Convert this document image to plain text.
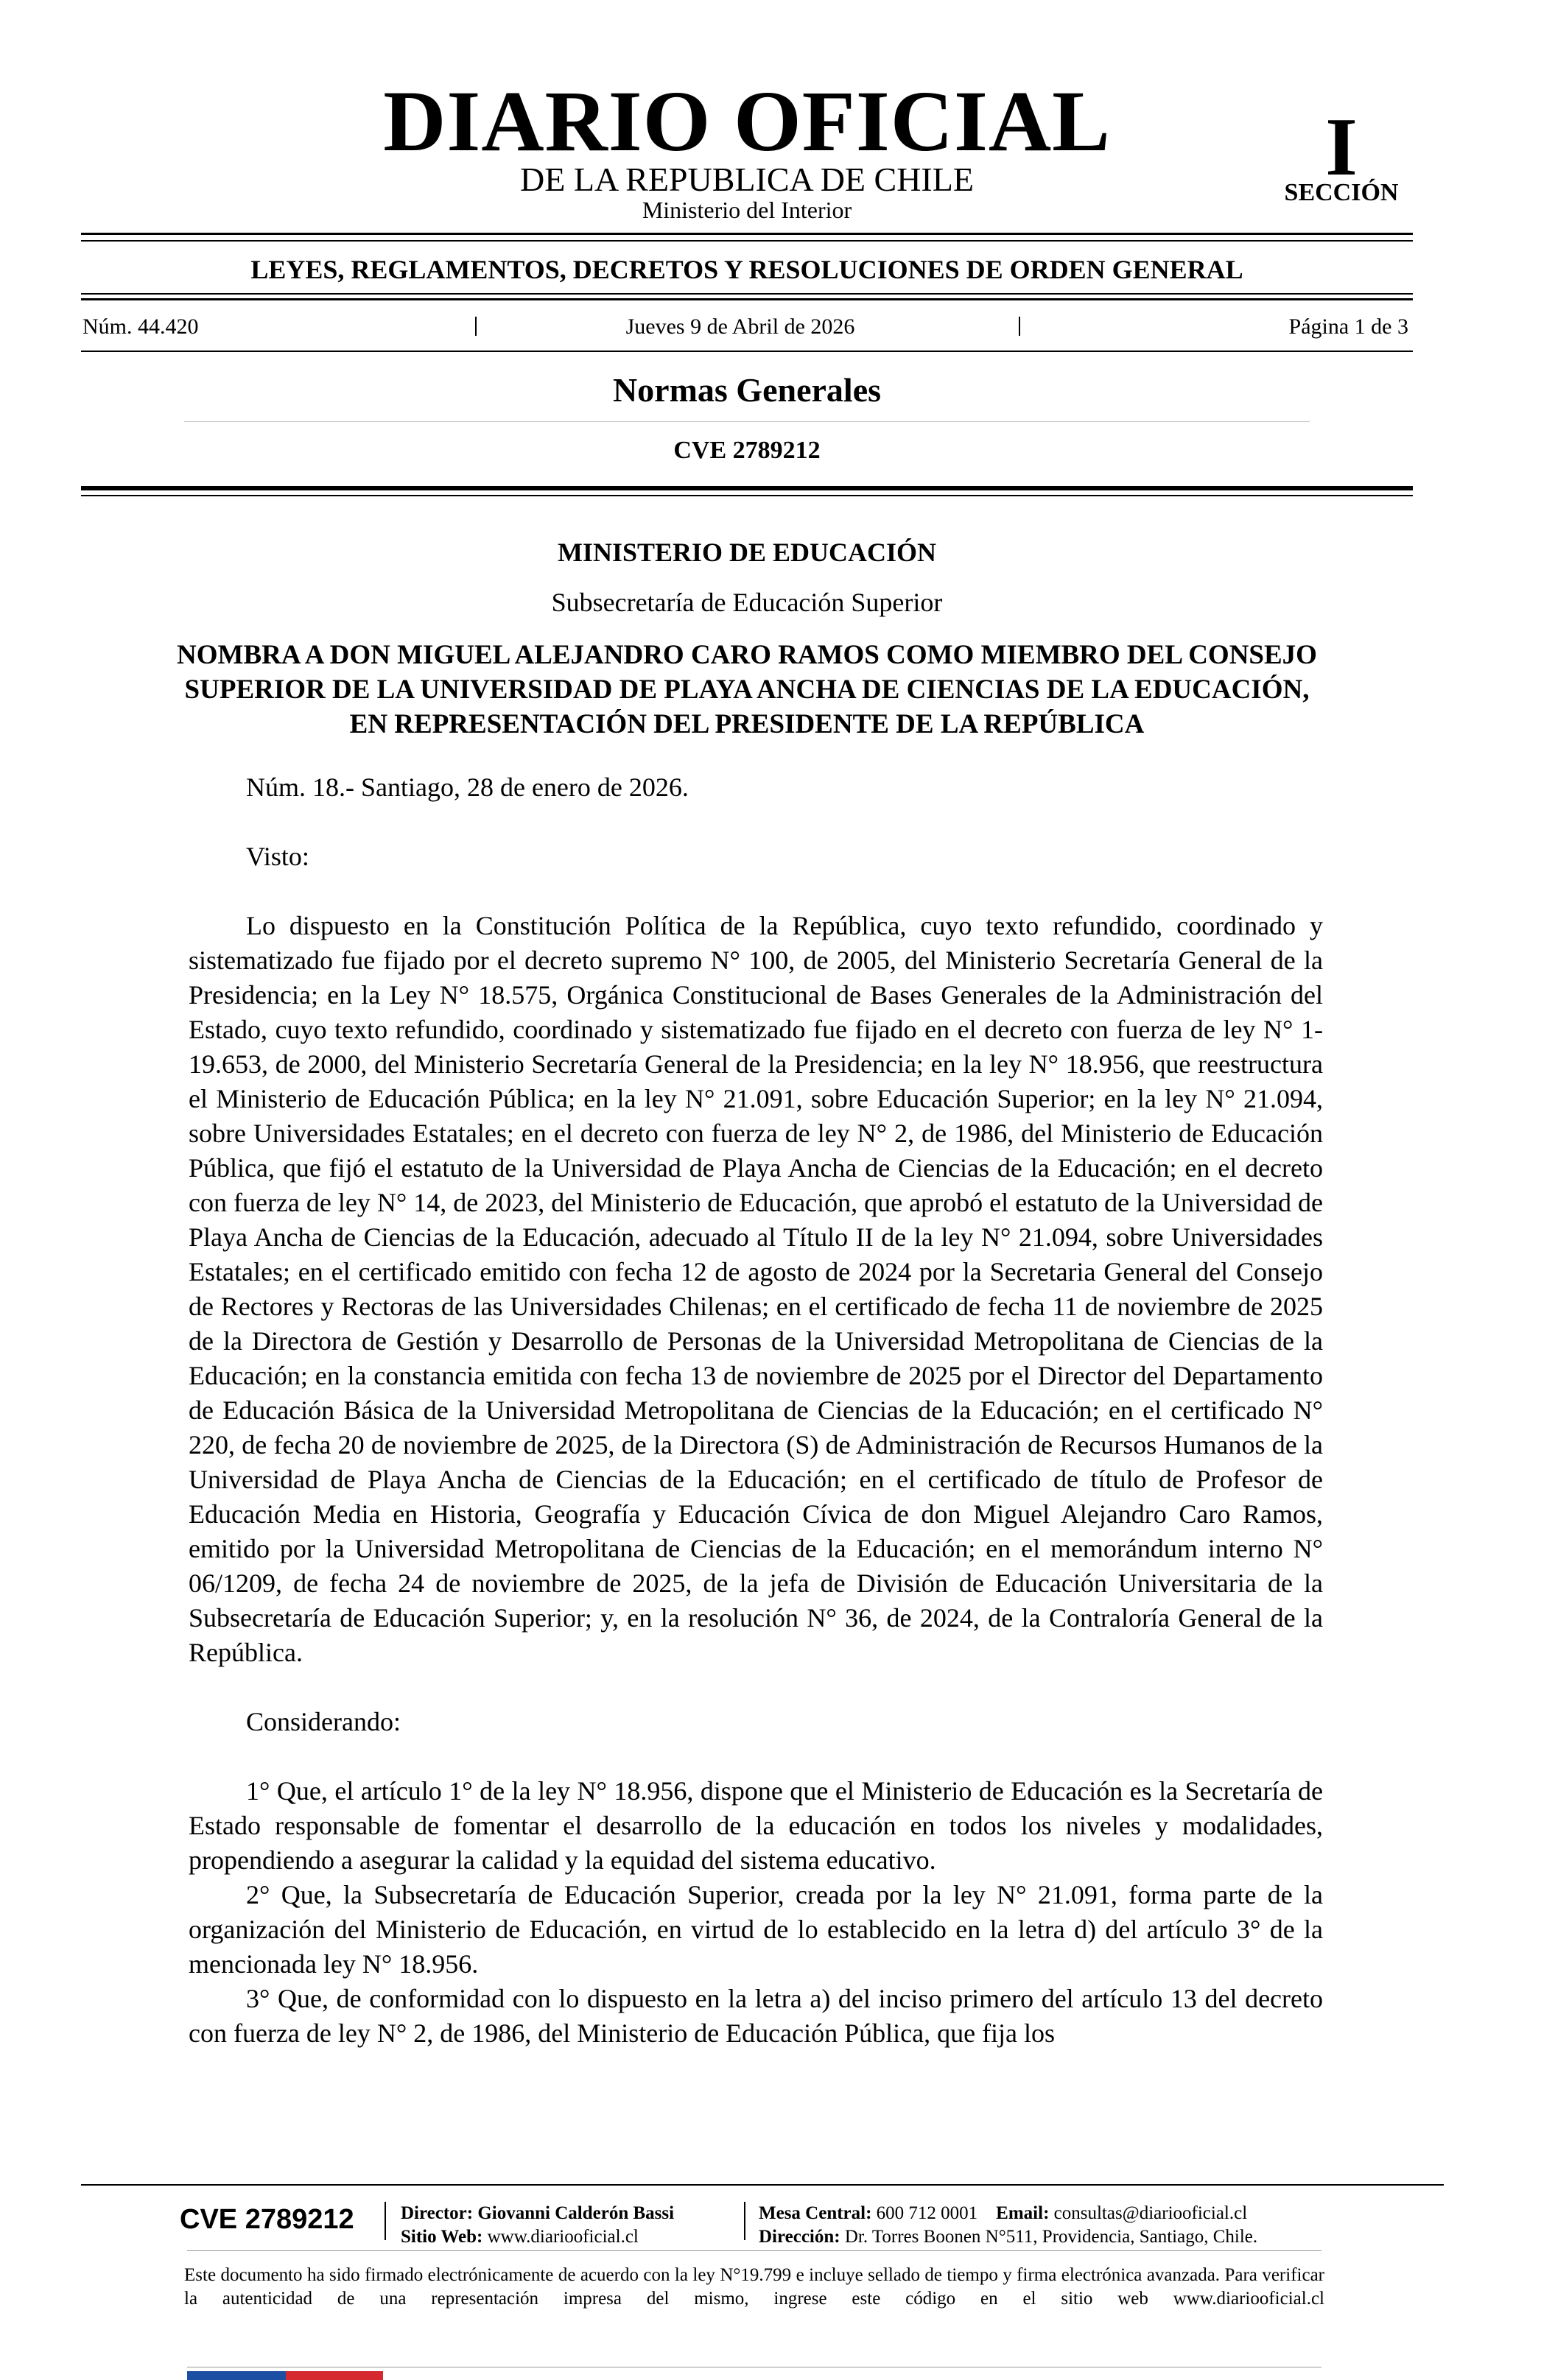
DIARIO OFICIAL
DE LA REPUBLICA DE CHILE
Ministerio del Interior
I
SECCIÓN
LEYES, REGLAMENTOS, DECRETOS Y RESOLUCIONES DE ORDEN GENERAL
Núm. 44.420	Jueves 9 de Abril de 2026	Página 1 de 3
Normas Generales
CVE 2789212
MINISTERIO DE EDUCACIÓN
Subsecretaría de Educación Superior
NOMBRA A DON MIGUEL ALEJANDRO CARO RAMOS COMO MIEMBRO DEL CONSEJO SUPERIOR DE LA UNIVERSIDAD DE PLAYA ANCHA DE CIENCIAS DE LA EDUCACIÓN, EN REPRESENTACIÓN DEL PRESIDENTE DE LA REPÚBLICA

Núm. 18.- Santiago, 28 de enero de 2026.

Visto:

Lo dispuesto en la Constitución Política de la República, cuyo texto refundido, coordinado y sistematizado fue fijado por el decreto supremo N° 100, de 2005, del Ministerio Secretaría General de la Presidencia; en la Ley N° 18.575, Orgánica Constitucional de Bases Generales de la Administración del Estado, cuyo texto refundido, coordinado y sistematizado fue fijado en el decreto con fuerza de ley N° 1-19.653, de 2000, del Ministerio Secretaría General de la Presidencia; en la ley N° 18.956, que reestructura el Ministerio de Educación Pública; en la ley N° 21.091, sobre Educación Superior; en la ley N° 21.094, sobre Universidades Estatales; en el decreto con fuerza de ley N° 2, de 1986, del Ministerio de Educación Pública, que fijó el estatuto de la Universidad de Playa Ancha de Ciencias de la Educación; en el decreto con fuerza de ley N° 14, de 2023, del Ministerio de Educación, que aprobó el estatuto de la Universidad de Playa Ancha de Ciencias de la Educación, adecuado al Título II de la ley N° 21.094, sobre Universidades Estatales; en el certificado emitido con fecha 12 de agosto de 2024 por la Secretaria General del Consejo de Rectores y Rectoras de las Universidades Chilenas; en el certificado de fecha 11 de noviembre de 2025 de la Directora de Gestión y Desarrollo de Personas de la Universidad Metropolitana de Ciencias de la Educación; en la constancia emitida con fecha 13 de noviembre de 2025 por el Director del Departamento de Educación Básica de la Universidad Metropolitana de Ciencias de la Educación; en el certificado N° 220, de fecha 20 de noviembre de 2025, de la Directora (S) de Administración de Recursos Humanos de la Universidad de Playa Ancha de Ciencias de la Educación; en el certificado de título de Profesor de Educación Media en Historia, Geografía y Educación Cívica de don Miguel Alejandro Caro Ramos, emitido por la Universidad Metropolitana de Ciencias de la Educación; en el memorándum interno N° 06/1209, de fecha 24 de noviembre de 2025, de la jefa de División de Educación Universitaria de la Subsecretaría de Educación Superior; y, en la resolución N° 36, de 2024, de la Contraloría General de la República.

Considerando:

1° Que, el artículo 1° de la ley N° 18.956, dispone que el Ministerio de Educación es la Secretaría de Estado responsable de fomentar el desarrollo de la educación en todos los niveles y modalidades, propendiendo a asegurar la calidad y la equidad del sistema educativo.

2° Que, la Subsecretaría de Educación Superior, creada por la ley N° 21.091, forma parte de la organización del Ministerio de Educación, en virtud de lo establecido en la letra d) del artículo 3° de la mencionada ley N° 18.956.

3° Que, de conformidad con lo dispuesto en la letra a) del inciso primero del artículo 13 del decreto con fuerza de ley N° 2, de 1986, del Ministerio de Educación Pública, que fija los

CVE 2789212	Director: Giovanni Calderón Bassi
Sitio Web: www.diariooficial.cl
Mesa Central: 600 712 0001 Email: consultas@diariooficial.cl
Dirección: Dr. Torres Boonen N°511, Providencia, Santiago, Chile.
Este documento ha sido firmado electrónicamente de acuerdo con la ley N°19.799 e incluye sellado de tiempo y firma electrónica avanzada. Para verificar la autenticidad de una representación impresa del mismo, ingrese este código en el sitio web www.diariooficial.cl
